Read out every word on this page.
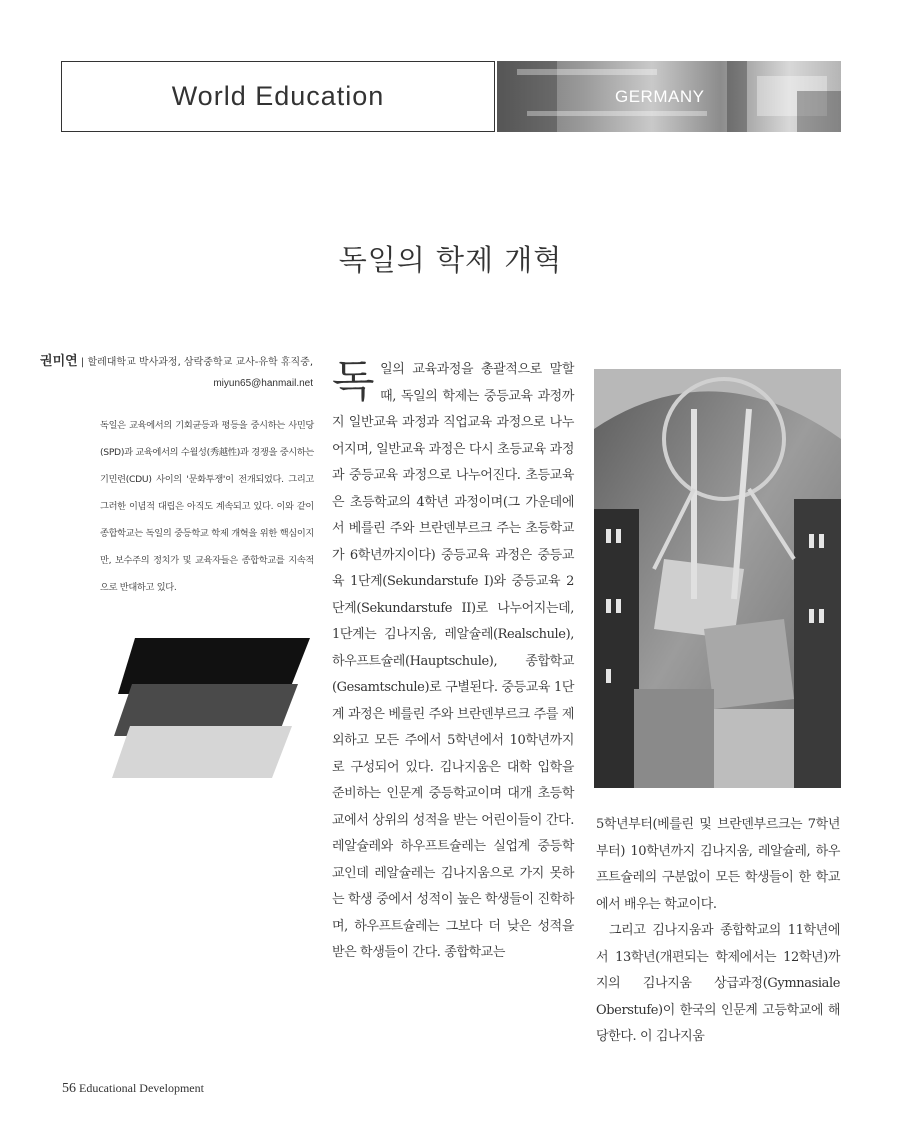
World Education	GERMANY
독일의 학제 개혁
권미연 | 할레대학교 박사과정, 삼락중학교 교사-유학 휴직중,
miyun65@hanmail.net
독일은 교육에서의 기회균등과 평등을 중시하는 사민당(SPD)과 교육에서의 수월성(秀越性)과 경쟁을 중시하는 기민련(CDU) 사이의 '문화투쟁'이 전개되었다. 그리고 그러한 이념적 대립은 아직도 계속되고 있다. 이와 같이 종합학교는 독일의 중등학교 학제 개혁을 위한 핵심이지만, 보수주의 정치가 및 교육자들은 종합학교를 지속적으로 반대하고 있다.
독 일의 교육과정을 총괄적으로 말할 때, 독일의 학제는 중등교육 과정까지 일반교육 과정과 직업교육 과정으로 나누어지며, 일반교육 과정은 다시 초등교육 과정과 중등교육 과정으로 나누어진다. 초등교육은 초등학교의 4학년 과정이며(그 가운데에서 베를린 주와 브란덴부르크 주는 초등학교가 6학년까지이다) 중등교육 과정은 중등교육 1단계(Sekundarstufe I)와 중등교육 2단계(Sekundarstufe II)로 나누어지는데, 1단계는 김나지움, 레알슐레(Realschule), 하우프트슐레(Hauptschule), 종합학교(Gesamtschule)로 구별된다. 중등교육 1단계 과정은 베를린 주와 브란덴부르크 주를 제외하고 모든 주에서 5학년에서 10학년까지로 구성되어 있다. 김나지움은 대학 입학을 준비하는 인문계 중등학교이며 대개 초등학교에서 상위의 성적을 받는 어린이들이 간다. 레알슐레와 하우프트슐레는 실업계 중등학교인데 레알슐레는 김나지움으로 가지 못하는 학생 중에서 성적이 높은 학생들이 진학하며, 하우프트슐레는 그보다 더 낮은 성적을 받은 학생들이 간다. 종합학교는

5학년부터(베를린 및 브란덴부르크는 7학년부터) 10학년까지 김나지움, 레알슐레, 하우프트슐레의 구분없이 모든 학생들이 한 학교에서 배우는 학교이다.

그리고 김나지움과 종합학교의 11학년에서 13학년(개편되는 학제에서는 12학년)까지의 김나지움 상급과정(Gymnasiale Oberstufe)이 한국의 인문계 고등학교에 해당한다. 이 김나지움

56 Educational Development
